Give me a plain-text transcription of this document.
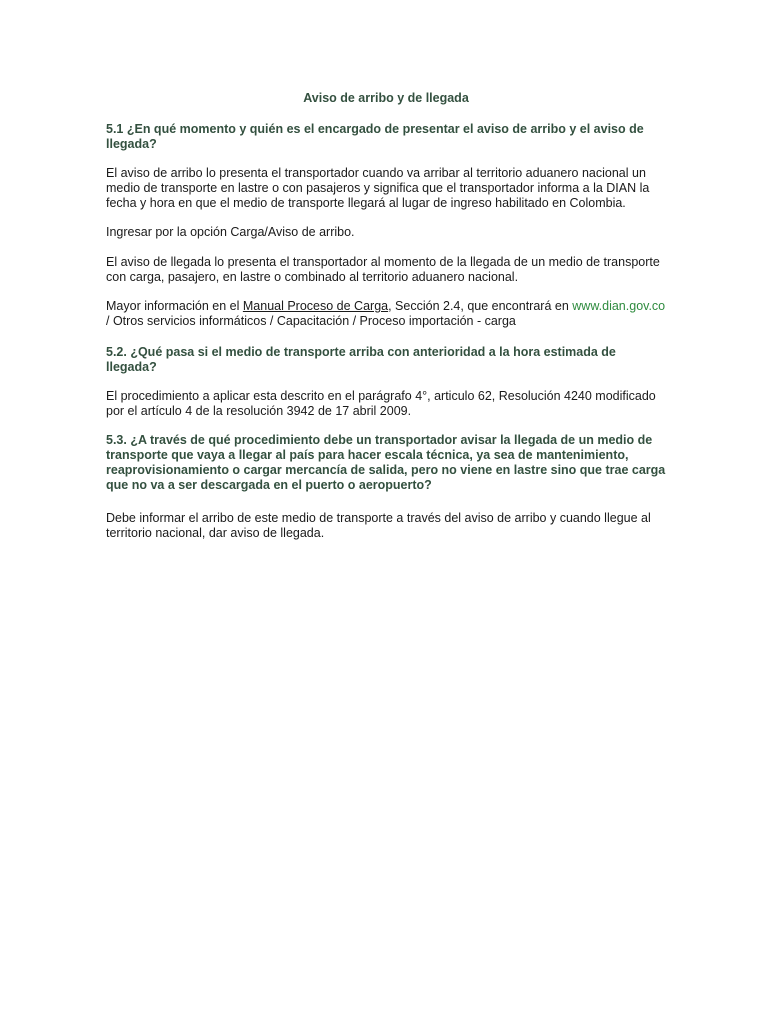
Aviso de arribo y de llegada

5.1 ¿En qué momento y quién es el encargado de presentar el aviso de arribo y el aviso de llegada?

El aviso de arribo lo presenta el transportador cuando va arribar al territorio aduanero nacional un medio de transporte en lastre o con pasajeros y significa que el transportador informa a la DIAN la fecha y hora en que el medio de transporte llegará al lugar de ingreso habilitado en Colombia.

Ingresar por la opción Carga/Aviso de arribo.

El aviso de llegada lo presenta el transportador al momento de la llegada de un medio de transporte con carga, pasajero, en lastre o combinado al territorio aduanero nacional.

Mayor información en el Manual Proceso de Carga, Sección 2.4, que encontrará en www.dian.gov.co / Otros servicios informáticos / Capacitación / Proceso importación - carga

5.2. ¿Qué pasa si el medio de transporte arriba con anterioridad a la hora estimada de llegada?

El procedimiento a aplicar esta descrito en el parágrafo 4°, articulo 62, Resolución 4240 modificado por el artículo 4 de la resolución 3942 de 17 abril 2009.

5.3. ¿A través de qué procedimiento debe un transportador avisar la llegada de un medio de transporte que vaya a llegar al país para hacer escala técnica, ya sea de mantenimiento, reaprovisionamiento o cargar mercancía de salida, pero no viene en lastre sino que trae carga que no va a ser descargada en el puerto o aeropuerto?

Debe informar el arribo de este medio de transporte a través del aviso de arribo y cuando llegue al territorio nacional, dar aviso de llegada.
